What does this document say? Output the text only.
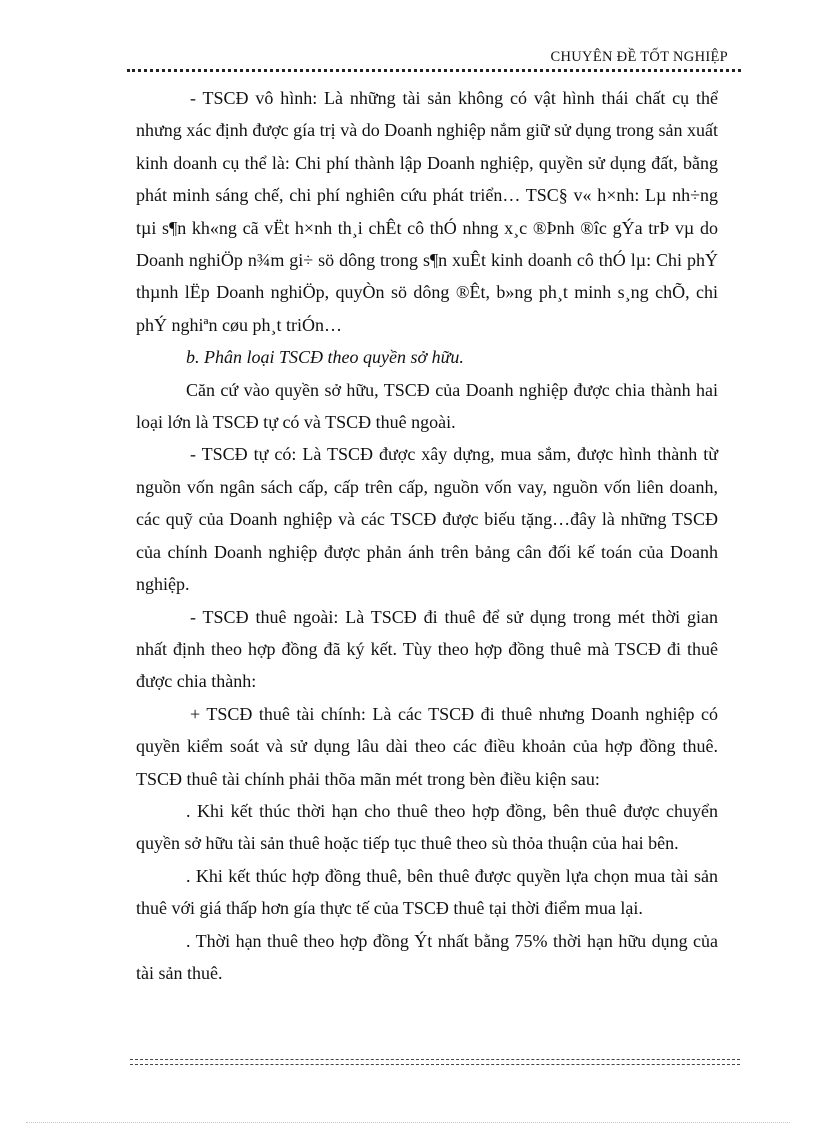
CHUYÊN ĐỀ TỐT NGHIỆP

- TSCĐ vô hình: Là những tài sản không có vật hình thái chất cụ thể nhưng xác định được gía trị và do Doanh nghiệp nắm giữ sử dụng trong sản xuất kinh doanh cụ thể là: Chi phí thành lập Doanh nghiệp, quyền sử dụng đất, bằng phát minh sáng chế, chi phí nghiên cứu phát triển… TSC§ v« h×nh: Lµ nh÷ng tµi s¶n kh«ng cã vËt h×nh th¸i chÊt cô thÓ nhng x¸c ®Þnh ®îc gÝa trÞ vµ do Doanh nghiÖp n¾m gi÷ sö dông trong s¶n xuÊt kinh doanh cô thÓ lµ: Chi phÝ thµnh lËp Doanh nghiÖp, quyÒn sö dông ®Êt, b»ng ph¸t minh s¸ng chÕ, chi phÝ nghiªn cøu ph¸t triÓn…

b. Phân loại TSCĐ theo quyền sở hữu.

Căn cứ vào quyền sở hữu, TSCĐ của Doanh nghiệp được chia thành hai loại lớn là TSCĐ tự có và TSCĐ thuê ngoài.

- TSCĐ tự có: Là TSCĐ được xây dựng, mua sắm, được hình thành từ nguồn vốn ngân sách cấp, cấp trên cấp, nguồn vốn vay, nguồn vốn liên doanh, các quỹ của Doanh nghiệp và các TSCĐ được biếu tặng…đây là những TSCĐ của chính Doanh nghiệp được phản ánh trên bảng cân đối kế toán của Doanh nghiệp.

- TSCĐ thuê ngoài: Là TSCĐ đi thuê để sử dụng trong mét thời gian nhất định theo hợp đồng đã ký kết. Tùy theo hợp đồng thuê mà TSCĐ đi thuê được chia thành:

+ TSCĐ thuê tài chính: Là các TSCĐ đi thuê nhưng Doanh nghiệp có quyền kiểm soát và sử dụng lâu dài theo các điều khoản của hợp đồng thuê. TSCĐ thuê tài chính phải thõa mãn mét trong bèn điều kiện sau:

. Khi kết thúc thời hạn cho thuê theo hợp đồng, bên thuê được chuyển quyền sở hữu tài sản thuê hoặc tiếp tục thuê theo sù thỏa thuận của hai bên.

. Khi kết thúc hợp đồng thuê, bên thuê được quyền lựa chọn mua tài sản thuê với giá thấp hơn gía thực tế của TSCĐ thuê tại thời điểm mua lại.

. Thời hạn thuê theo hợp đồng Ýt nhất bằng 75% thời hạn hữu dụng của tài sản thuê.
